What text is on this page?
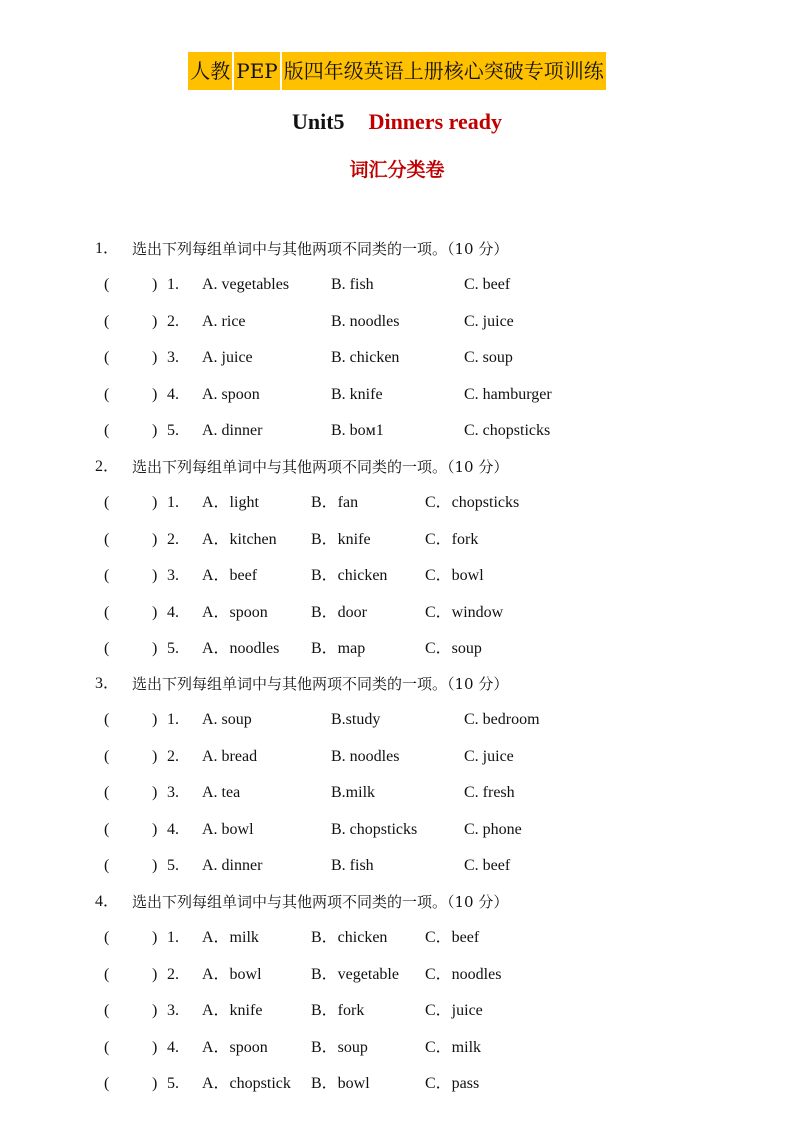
人教 PEP 版四年级英语上册核心突破专项训练
Unit5 Dinners ready
词汇分类卷
1． 选出下列每组单词中与其他两项不同类的一项。（10 分）
(	) 1. A. vegetables	B. fish	C. beef
(	) 2. A. rice	B. noodles	C. juice
(	) 3. A. juice	B. chicken	C. soup
(	) 4. A. spoon	B. knife	C. hamburger
(	) 5. A. dinner	B. boм1	C. chopsticks
2． 选出下列每组单词中与其他两项不同类的一项。（10 分）
(	) 1. A．light	B．fan	C．chopsticks
(	) 2. A．kitchen B．knife	C．fork
(	) 3. A．beef	B．chicken C．bowl
(	) 4. A．spoon	B．door	C．window
(	) 5. A．noodles B．map	C．soup
3． 选出下列每组单词中与其他两项不同类的一项。（10 分）
(	) 1. A. soup	B.study	C. bedroom
(	) 2. A. bread	B. noodles	C. juice
(	) 3. A. tea	B.milk	C. fresh
(	) 4. A. bowl	B. chopsticks	C. phone
(	) 5. A. dinner	B. fish	C. beef
4． 选出下列每组单词中与其他两项不同类的一项。（10 分）
(	) 1. A．milk	B．chicken C．beef
(	) 2. A．bowl	B．vegetable C．noodles
(	) 3. A．knife	B．fork	C．juice
(	) 4. A．spoon	B．soup	C．milk
(	) 5. A．chopstick B．bowl	C．pass
